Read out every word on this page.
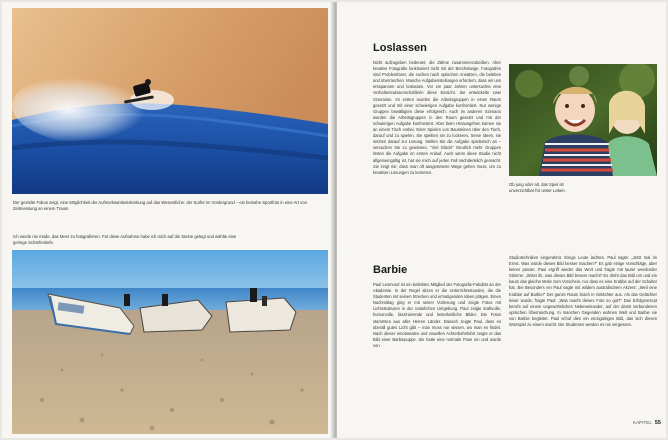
Der gezielte Fokus zeigt, eine Möglichkeit der Aufmerksamkeitslenkung auf das Wesentliche: der Surfer im Vordergrund – ein beinahe Sportfoto in eine Art von Zeitmessung an einem Traum.
Ich werde nie müde, das Meer zu fotografieren. Für diese Aufnahme habe ich mich auf die Steine gelegt und wählte eine geringe Schärfentiefe.
Loslassen
Nicht aufzugeben bedeutet, die Zähne zusammenzubeißen. Aber kreative Fotografie funktioniert nicht mit der Brechstange. Fotografen sind Problemlöser, die suchen nach optischen Ansätzen, die beleben und überraschen. Manche Aufgabenstellungen erfordern, dass wir uns entspannen und loslassen. Vor ein paar Jahren untersuchte eine Verhaltenswissenschaftlerin diese Einsicht. Sie entwickelte zwei Szenarien. Im ersten wurden die Arbeitsgruppen in einen Raum gesetzt und mit einer schwierigen Aufgabe konfrontiert. Nur wenige Gruppen bewältigten diese erfolgreich. Auch im anderen Szenario wurden die Arbeitsgruppen in den Raum gesetzt und mit der schwierigen Aufgabe konfrontiert. Aber beim Hinausgehen kamen sie an einem Tisch vorbei. Einer Spielen von Bausteinen über den Tisch, darauf und zu spielen. Sie spielten sie zu lockeren, Seine Ideen, sie setzten darauf zur Lösung. Stellen Sie die Aufgabe spielerisch an – versuchen Sie zu gewinnen. "Viel Glück!" Deutlich mehr Gruppen lösten die Aufgabe im ersten Anlauf. Auch wenn diese Studie nicht allgemeingültig ist, hat sie mich auf jeden Fall nachdenklich gemacht. Sie zeigt mir, dass man oft ausgetretene Wege gehen muss, um zu kreativen Lösungen zu kommen.
Ob jung oder alt, das Spiel ist unverzichtbar für unser Leben.
Barbie
Paul Lesmond ist ein beliebtes Mitglied der Fotografie-Fakultät an der Akademie. In der Regel sitzen er die Unterrichtsstunden, die die Studenten mit seinen Strecken und ermutigenden Ideen prägen. Einen Nachmittag ging er mit seiner Vorlesung und zeigte Fotos mit Lichtstrukturen in der natürlichen Umgebung. Paul zeigte kraftvolle, humorvolle, faszinierende und heiterkeitliche Bilder. Die Fotos stammten aus aller Herren Länder. Danach zeigte Paul, dass es überall gutes Licht gibt – man muss nur wissen, wo man es findet. Nach dieser emotionalen und visuellen Achterbahnfahrt zeigte er das Bild einer Barbiepuppe. Sie hatte eine normale Pose ein und wurde von
Studiotechniken eingerahmt. Einige Leute lachten. Paul sagte: „Jetzt mal im Ernst. Was würde dieses Bild besser machen?" Es gab einige Vorschläge, aber keiner passte. Paul ergriff wieder das Wort und fragte mit lauter werdender Stimme: „Wisst ihr, was dieses Bild besser macht? Es dreht das Bild um und ein kaum das gleiche Motiv zum Vorschein, nur dass es eine Krabbe auf der Schulter hat. Bei Besonders ein Paul sagte mit wildem australischem Akzent: „Weil eine Krabbe auf Barbie!" Der ganze Raum brach in Gelächter aus. Als das Gelächter leiser wurde, fragte Paul: „Was macht dieses Foto so gut?" Das Erfolgsrezept beruht auf einem ungewöhnlichen Nebeneinander, auf der damit verbundenen optischen Überraschung. In manchen Gegenden wohnen Welt und Barbie sie von Barbie begleitet. Paul schuf dies ein einzigartiges Bild, das sich diesen Wortspiel zu einem macht. Die Studenten werden es nie vergessen.
KAPITEL 55
